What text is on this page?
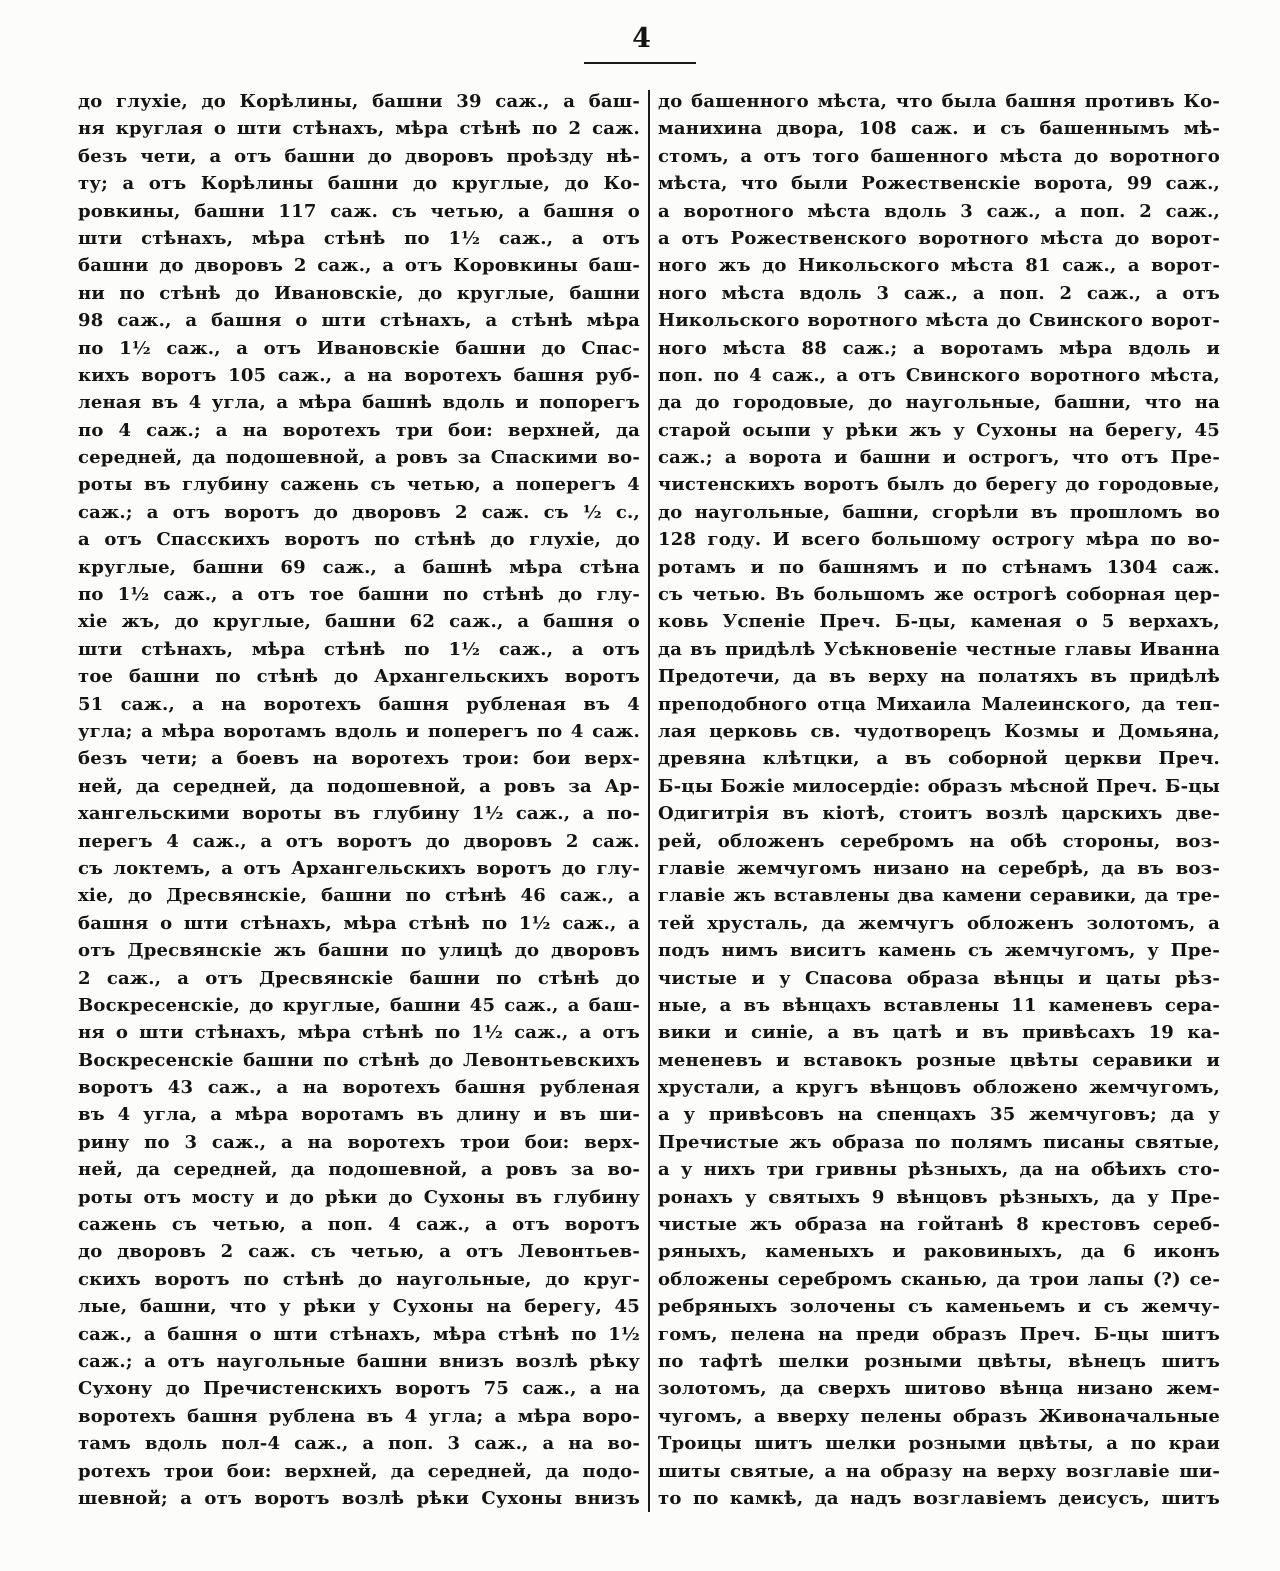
4
до глухіе, до Корѣлины, башни 39 саж., а баш-
ня круглая о шти стѣнахъ, мѣра стѣнѣ по 2 саж.
безъ чети, а отъ башни до дворовъ проѣзду нѣ-
ту; а отъ Корѣлины башни до круглые, до Ко-
ровкины, башни 117 саж. съ четью, а башня о
шти стѣнахъ, мѣра стѣнѣ по 1½ саж., а отъ
башни до дворовъ 2 саж., а отъ Коровкины баш-
ни по стѣнѣ до Ивановскіе, до круглые, башни
98 саж., а башня о шти стѣнахъ, а стѣнѣ мѣра
по 1½ саж., а отъ Ивановскіе башни до Спас-
кихъ воротъ 105 саж., а на воротехъ башня руб-
леная въ 4 угла, а мѣра башнѣ вдоль и попорегъ
по 4 саж.; а на воротехъ три бои: верхней, да
середней, да подошевной, а ровъ за Спаскими во-
роты въ глубину сажень съ четью, а поперегъ 4
саж.; а отъ воротъ до дворовъ 2 саж. съ ½ с.,
а отъ Спасскихъ воротъ по стѣнѣ до глухіе, до
круглые, башни 69 саж., а башнѣ мѣра стѣна
по 1½ саж., а отъ тое башни по стѣнѣ до глу-
хіе жъ, до круглые, башни 62 саж., а башня о
шти стѣнахъ, мѣра стѣнѣ по 1½ саж., а отъ
тое башни по стѣнѣ до Архангельскихъ воротъ
51 саж., а на воротехъ башня рубленая въ 4
угла; а мѣра воротамъ вдоль и поперегъ по 4 саж.
безъ чети; а боевъ на воротехъ трои: бои верх-
ней, да середней, да подошевной, а ровъ за Ар-
хангельскими вороты въ глубину 1½ саж., а по-
перегъ 4 саж., а отъ воротъ до дворовъ 2 саж.
съ локтемъ, а отъ Архангельскихъ воротъ до глу-
хіе, до Дресвянскіе, башни по стѣнѣ 46 саж., а
башня о шти стѣнахъ, мѣра стѣнѣ по 1½ саж., а
отъ Дресвянскіе жъ башни по улицѣ до дворовъ
2 саж., а отъ Дресвянскіе башни по стѣнѣ до
Воскресенскіе, до круглые, башни 45 саж., а баш-
ня о шти стѣнахъ, мѣра стѣнѣ по 1½ саж., а отъ
Воскресенскіе башни по стѣнѣ до Левонтьевскихъ
воротъ 43 саж., а на воротехъ башня рубленая
въ 4 угла, а мѣра воротамъ въ длину и въ ши-
рину по 3 саж., а на воротехъ трои бои: верх-
ней, да середней, да подошевной, а ровъ за во-
роты отъ мосту и до рѣки до Сухоны въ глубину
сажень съ четью, а поп. 4 саж., а отъ воротъ
до дворовъ 2 саж. съ четью, а отъ Левонтьев-
скихъ воротъ по стѣнѣ до наугольные, до круг-
лые, башни, что у рѣки у Сухоны на берегу, 45
саж., а башня о шти стѣнахъ, мѣра стѣнѣ по 1½
саж.; а отъ наугольные башни внизъ возлѣ рѣку
Сухону до Пречистенскихъ воротъ 75 саж., а на
воротехъ башня рублена въ 4 угла; а мѣра воро-
тамъ вдоль пол-4 саж., а поп. 3 саж., а на во-
ротехъ трои бои: верхней, да середней, да подо-
шевной; а отъ воротъ возлѣ рѣки Сухоны внизъ
до башенного мѣста, что была башня противъ Ко-
манихина двора, 108 саж. и съ башеннымъ мѣ-
стомъ, а отъ того башенного мѣста до воротного
мѣста, что были Рожественскіе ворота, 99 саж.,
а воротного мѣста вдоль 3 саж., а поп. 2 саж.,
а отъ Рожественского воротного мѣста до ворот-
ного жъ до Никольского мѣста 81 саж., а ворот-
ного мѣста вдоль 3 саж., а поп. 2 саж., а отъ
Никольского воротного мѣста до Свинского ворот-
ного мѣста 88 саж.; а воротамъ мѣра вдоль и
поп. по 4 саж., а отъ Свинского воротного мѣста,
да до городовые, до наугольные, башни, что на
старой осыпи у рѣки жъ у Сухоны на берегу, 45
саж.; а ворота и башни и острогъ, что отъ Пре-
чистенскихъ воротъ былъ до берегу до городовые,
до наугольные, башни, сгорѣли въ прошломъ во
128 году. И всего большому острогу мѣра по во-
ротамъ и по башнямъ и по стѣнамъ 1304 саж.
съ четью. Въ большомъ же острогѣ соборная цер-
ковь Успеніе Преч. Б-цы, каменая о 5 верхахъ,
да въ придѣлѣ Усѣкновеніе честные главы Иванна
Предотечи, да въ верху на полатяхъ въ придѣлѣ
преподобного отца Михаила Малеинского, да теп-
лая церковь св. чудотворецъ Козмы и Домьяна,
древяна клѣтцки, а въ соборной церкви Преч.
Б-цы Божіе милосердіе: образъ мѣсной Преч. Б-цы
Одигитрія въ кіотѣ, стоитъ возлѣ царскихъ две-
рей, обложенъ серебромъ на обѣ стороны, воз-
главіе жемчугомъ низано на серебрѣ, да въ воз-
главіе жъ вставлены два камени серавики, да тре-
тей хрусталь, да жемчугъ обложенъ золотомъ, а
подъ нимъ виситъ камень съ жемчугомъ, у Пре-
чистые и у Спасова образа вѣнцы и цаты рѣз-
ные, а въ вѣнцахъ вставлены 11 каменевъ сера-
вики и синіе, а въ цатѣ и въ привѣсахъ 19 ка-
мененевъ и вставокъ розные цвѣты серавики и
хрустали, а кругъ вѣнцовъ обложено жемчугомъ,
а у привѣсовъ на спенцахъ 35 жемчуговъ; да у
Пречистые жъ образа по полямъ писаны святые,
а у нихъ три гривны рѣзныхъ, да на обѣихъ сто-
ронахъ у святыхъ 9 вѣнцовъ рѣзныхъ, да у Пре-
чистые жъ образа на гойтанѣ 8 крестовъ сереб-
ряныхъ, каменыхъ и раковиныхъ, да 6 иконъ
обложены серебромъ сканью, да трои лапы (?) се-
ребряныхъ золочены съ каменьемъ и съ жемчу-
гомъ, пелена на преди образъ Преч. Б-цы шитъ
по тафтѣ шелки розными цвѣты, вѣнецъ шитъ
золотомъ, да сверхъ шитово вѣнца низано жем-
чугомъ, а вверху пелены образъ Живоначальные
Троицы шитъ шелки розными цвѣты, а по краи
шиты святые, а на образу на верху возглавіе ши-
то по камкѣ, да надъ возглавіемъ деисусъ, шитъ
